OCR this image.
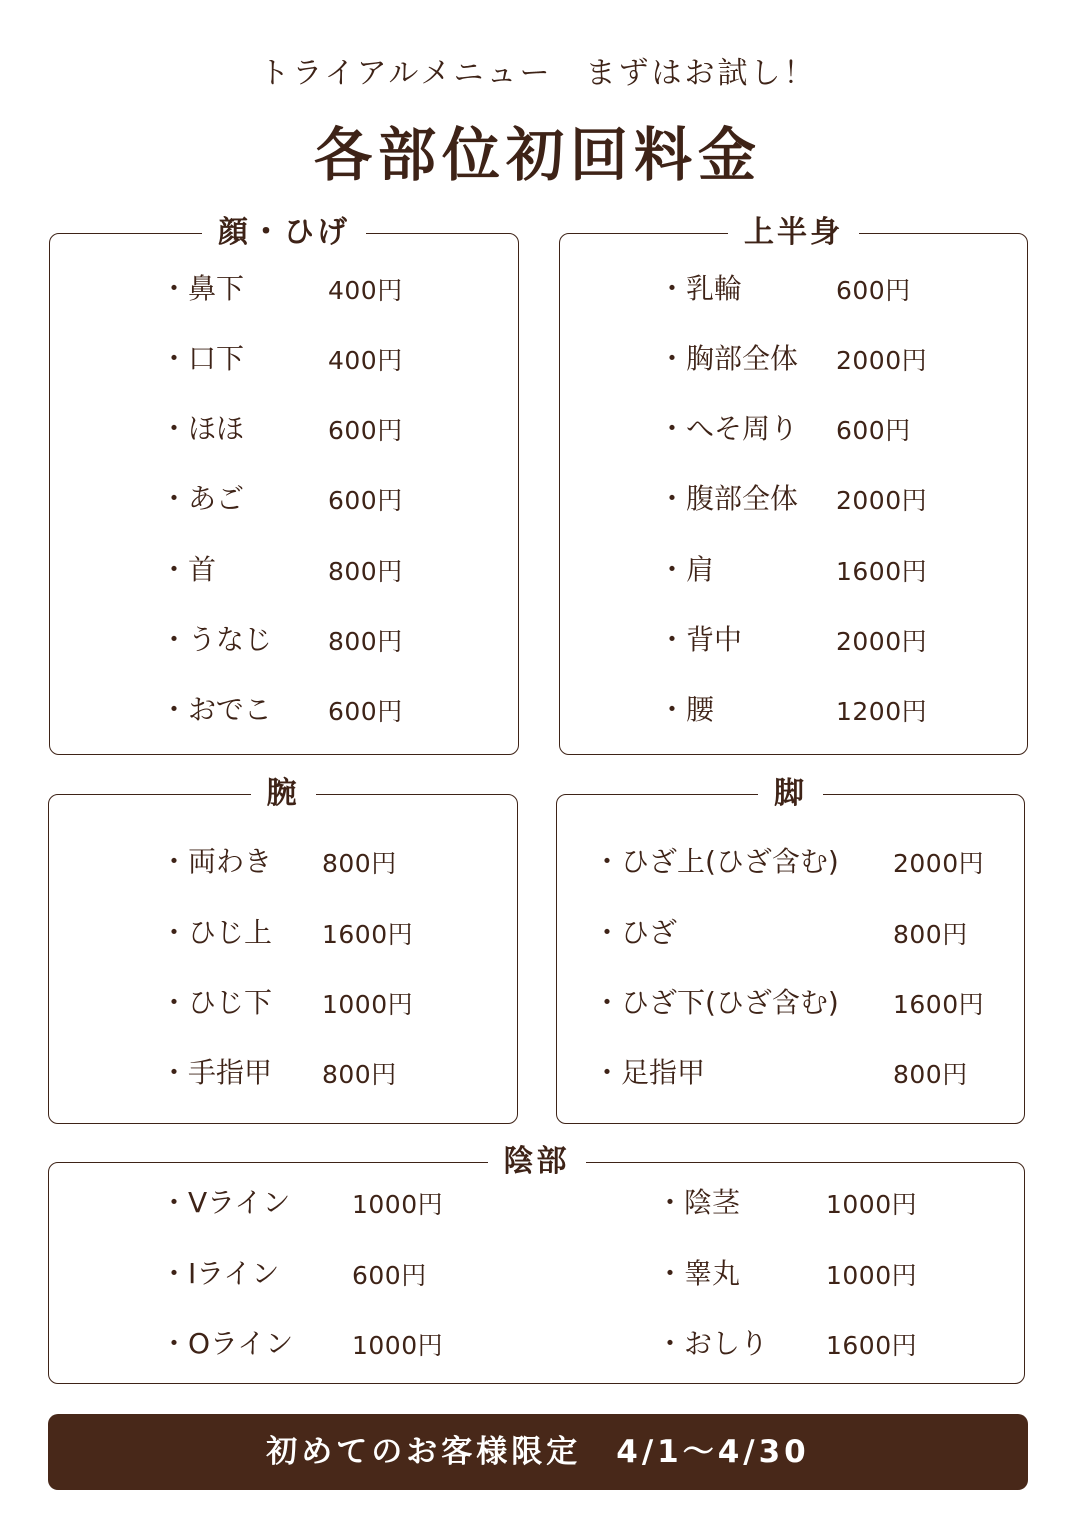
トライアルメニュー　まずはお試し！
各部位初回料金
顔・ひげ
・鼻下	400円
・口下	400円
・ほほ	600円
・あご	600円
・首	800円
・うなじ 800円
・おでこ 600円
上半身
・乳輪	600円
・胸部全体 2000円
・へそ周り 600円
・腹部全体 2000円
・肩	1600円
・背中	2000円
・腰	1200円
腕
・両わき 800円
・ひじ上 1600円
・ひじ下 1000円
・手指甲 800円
脚
・ひざ上(ひざ含む) 2000円
・ひざ	800円
・ひざ下(ひざ含む) 1600円
・足指甲	800円
陰部
・Vライン 1000円
・Iライン	600円
・Oライン 1000円
・陰茎	1000円
・睾丸	1000円
・おしり 1600円
初めてのお客様限定　4/1〜4/30
